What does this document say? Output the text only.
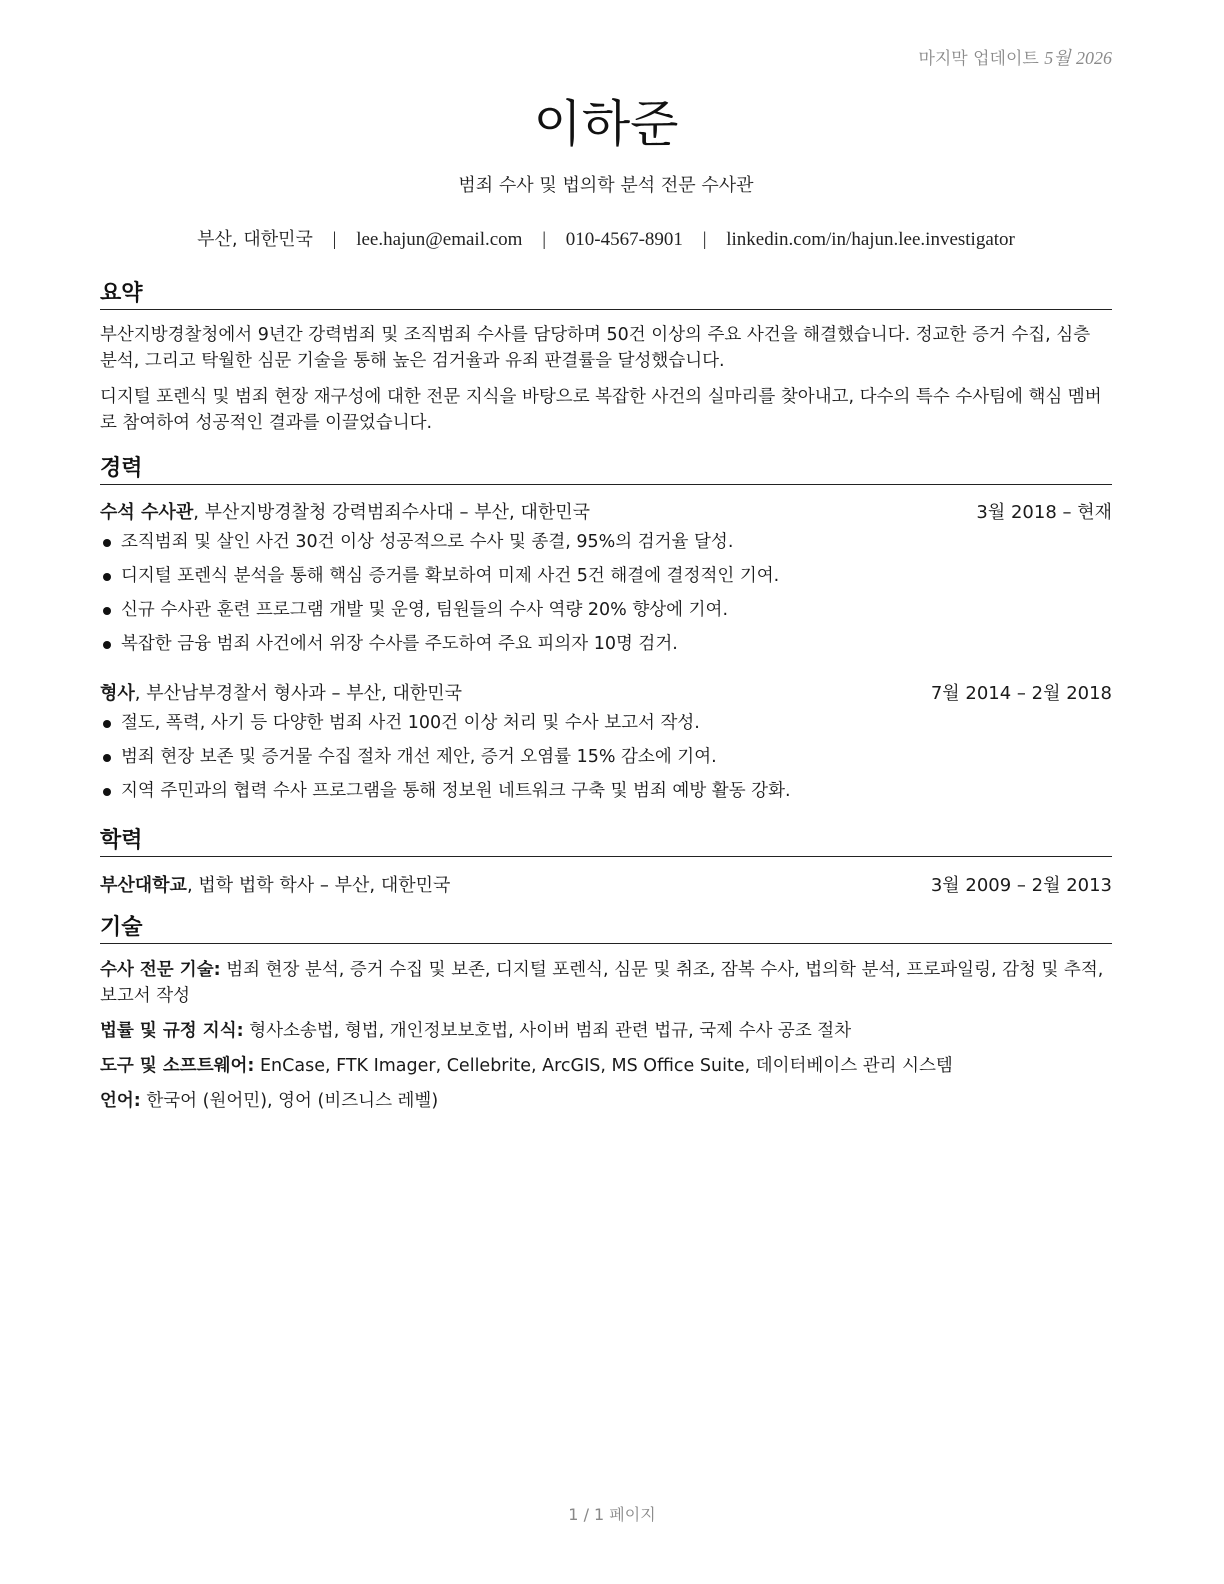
마지막 업데이트 5월 2026
이하준
범죄 수사 및 법의학 분석 전문 수사관
부산, 대한민국 | lee.hajun@email.com | 010-4567-8901 | linkedin.com/in/hajun.lee.investigator
요약

부산지방경찰청에서 9년간 강력범죄 및 조직범죄 수사를 담당하며 50건 이상의 주요 사건을 해결했습니다. 정교한 증거 수집, 심층 분석, 그리고 탁월한 심문 기술을 통해 높은 검거율과 유죄 판결률을 달성했습니다.

디지털 포렌식 및 범죄 현장 재구성에 대한 전문 지식을 바탕으로 복잡한 사건의 실마리를 찾아내고, 다수의 특수 수사팀에 핵심 멤버로 참여하여 성공적인 결과를 이끌었습니다.

경력
수석 수사관, 부산지방경찰청 강력범죄수사대 – 부산, 대한민국	3월 2018 – 현재
조직범죄 및 살인 사건 30건 이상 성공적으로 수사 및 종결, 95%의 검거율 달성.
디지털 포렌식 분석을 통해 핵심 증거를 확보하여 미제 사건 5건 해결에 결정적인 기여.
신규 수사관 훈련 프로그램 개발 및 운영, 팀원들의 수사 역량 20% 향상에 기여.
복잡한 금융 범죄 사건에서 위장 수사를 주도하여 주요 피의자 10명 검거.
형사, 부산남부경찰서 형사과 – 부산, 대한민국	7월 2014 – 2월 2018
절도, 폭력, 사기 등 다양한 범죄 사건 100건 이상 처리 및 수사 보고서 작성.
범죄 현장 보존 및 증거물 수집 절차 개선 제안, 증거 오염률 15% 감소에 기여.
지역 주민과의 협력 수사 프로그램을 통해 정보원 네트워크 구축 및 범죄 예방 활동 강화.
학력
부산대학교, 법학 법학 학사 – 부산, 대한민국	3월 2009 – 2월 2013
기술

수사 전문 기술: 범죄 현장 분석, 증거 수집 및 보존, 디지털 포렌식, 심문 및 취조, 잠복 수사, 법의학 분석, 프로파일링, 감청 및 추적, 보고서 작성

법률 및 규정 지식: 형사소송법, 형법, 개인정보보호법, 사이버 범죄 관련 법규, 국제 수사 공조 절차

도구 및 소프트웨어: EnCase, FTK Imager, Cellebrite, ArcGIS, MS Office Suite, 데이터베이스 관리 시스템

언어: 한국어 (원어민), 영어 (비즈니스 레벨)

1 / 1 페이지
